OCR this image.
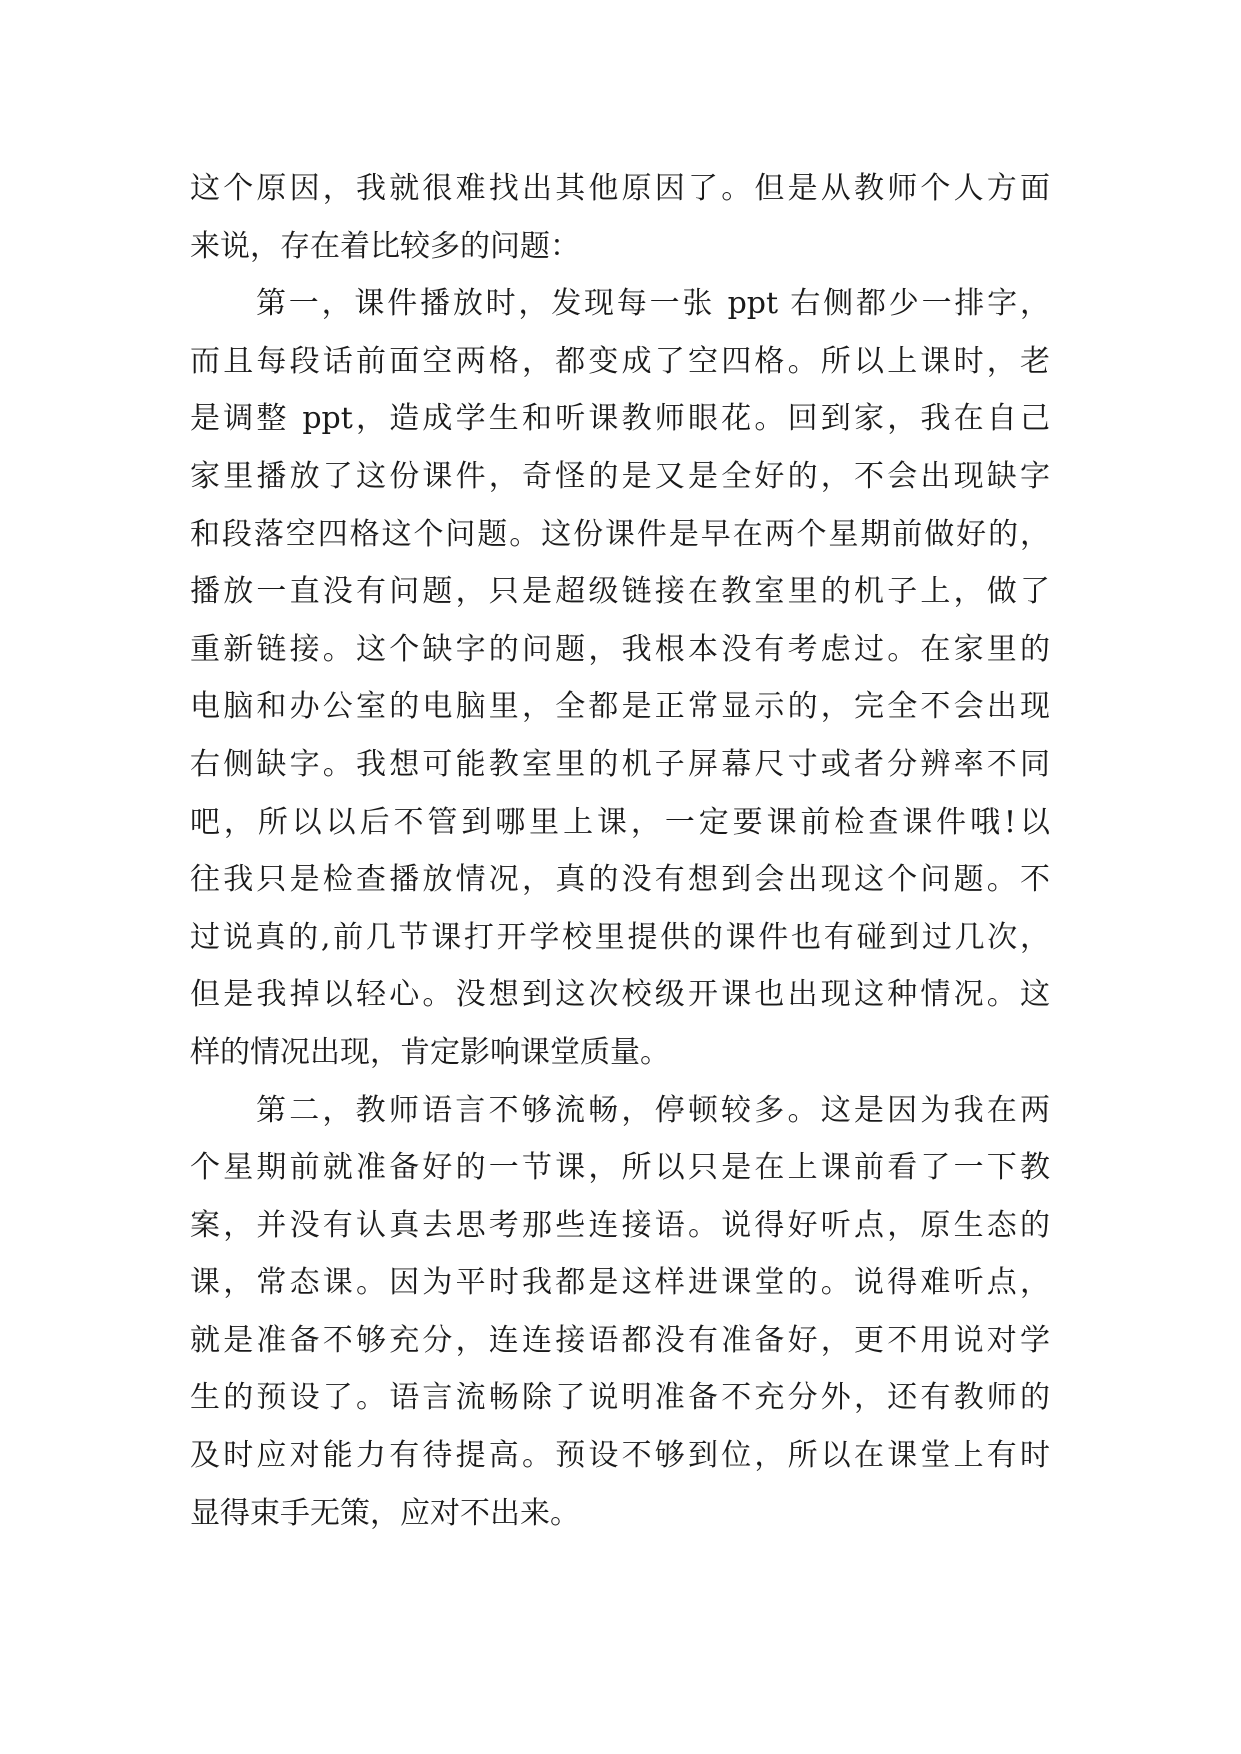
这个原因，我就很难找出其他原因了。但是从教师个人方面
来说，存在着比较多的问题：
第一，课件播放时，发现每一张 ppt 右侧都少一排字，
而且每段话前面空两格，都变成了空四格。所以上课时，老
是调整 ppt，造成学生和听课教师眼花。回到家，我在自己
家里播放了这份课件，奇怪的是又是全好的，不会出现缺字
和段落空四格这个问题。这份课件是早在两个星期前做好的，
播放一直没有问题，只是超级链接在教室里的机子上，做了
重新链接。这个缺字的问题，我根本没有考虑过。在家里的
电脑和办公室的电脑里，全都是正常显示的，完全不会出现
右侧缺字。我想可能教室里的机子屏幕尺寸或者分辨率不同
吧，所以以后不管到哪里上课，一定要课前检查课件哦!以
往我只是检查播放情况，真的没有想到会出现这个问题。不
过说真的,前几节课打开学校里提供的课件也有碰到过几次，
但是我掉以轻心。没想到这次校级开课也出现这种情况。这
样的情况出现，肯定影响课堂质量。
第二，教师语言不够流畅，停顿较多。这是因为我在两
个星期前就准备好的一节课，所以只是在上课前看了一下教
案，并没有认真去思考那些连接语。说得好听点，原生态的
课，常态课。因为平时我都是这样进课堂的。说得难听点，
就是准备不够充分，连连接语都没有准备好，更不用说对学
生的预设了。语言流畅除了说明准备不充分外，还有教师的
及时应对能力有待提高。预设不够到位，所以在课堂上有时
显得束手无策，应对不出来。
